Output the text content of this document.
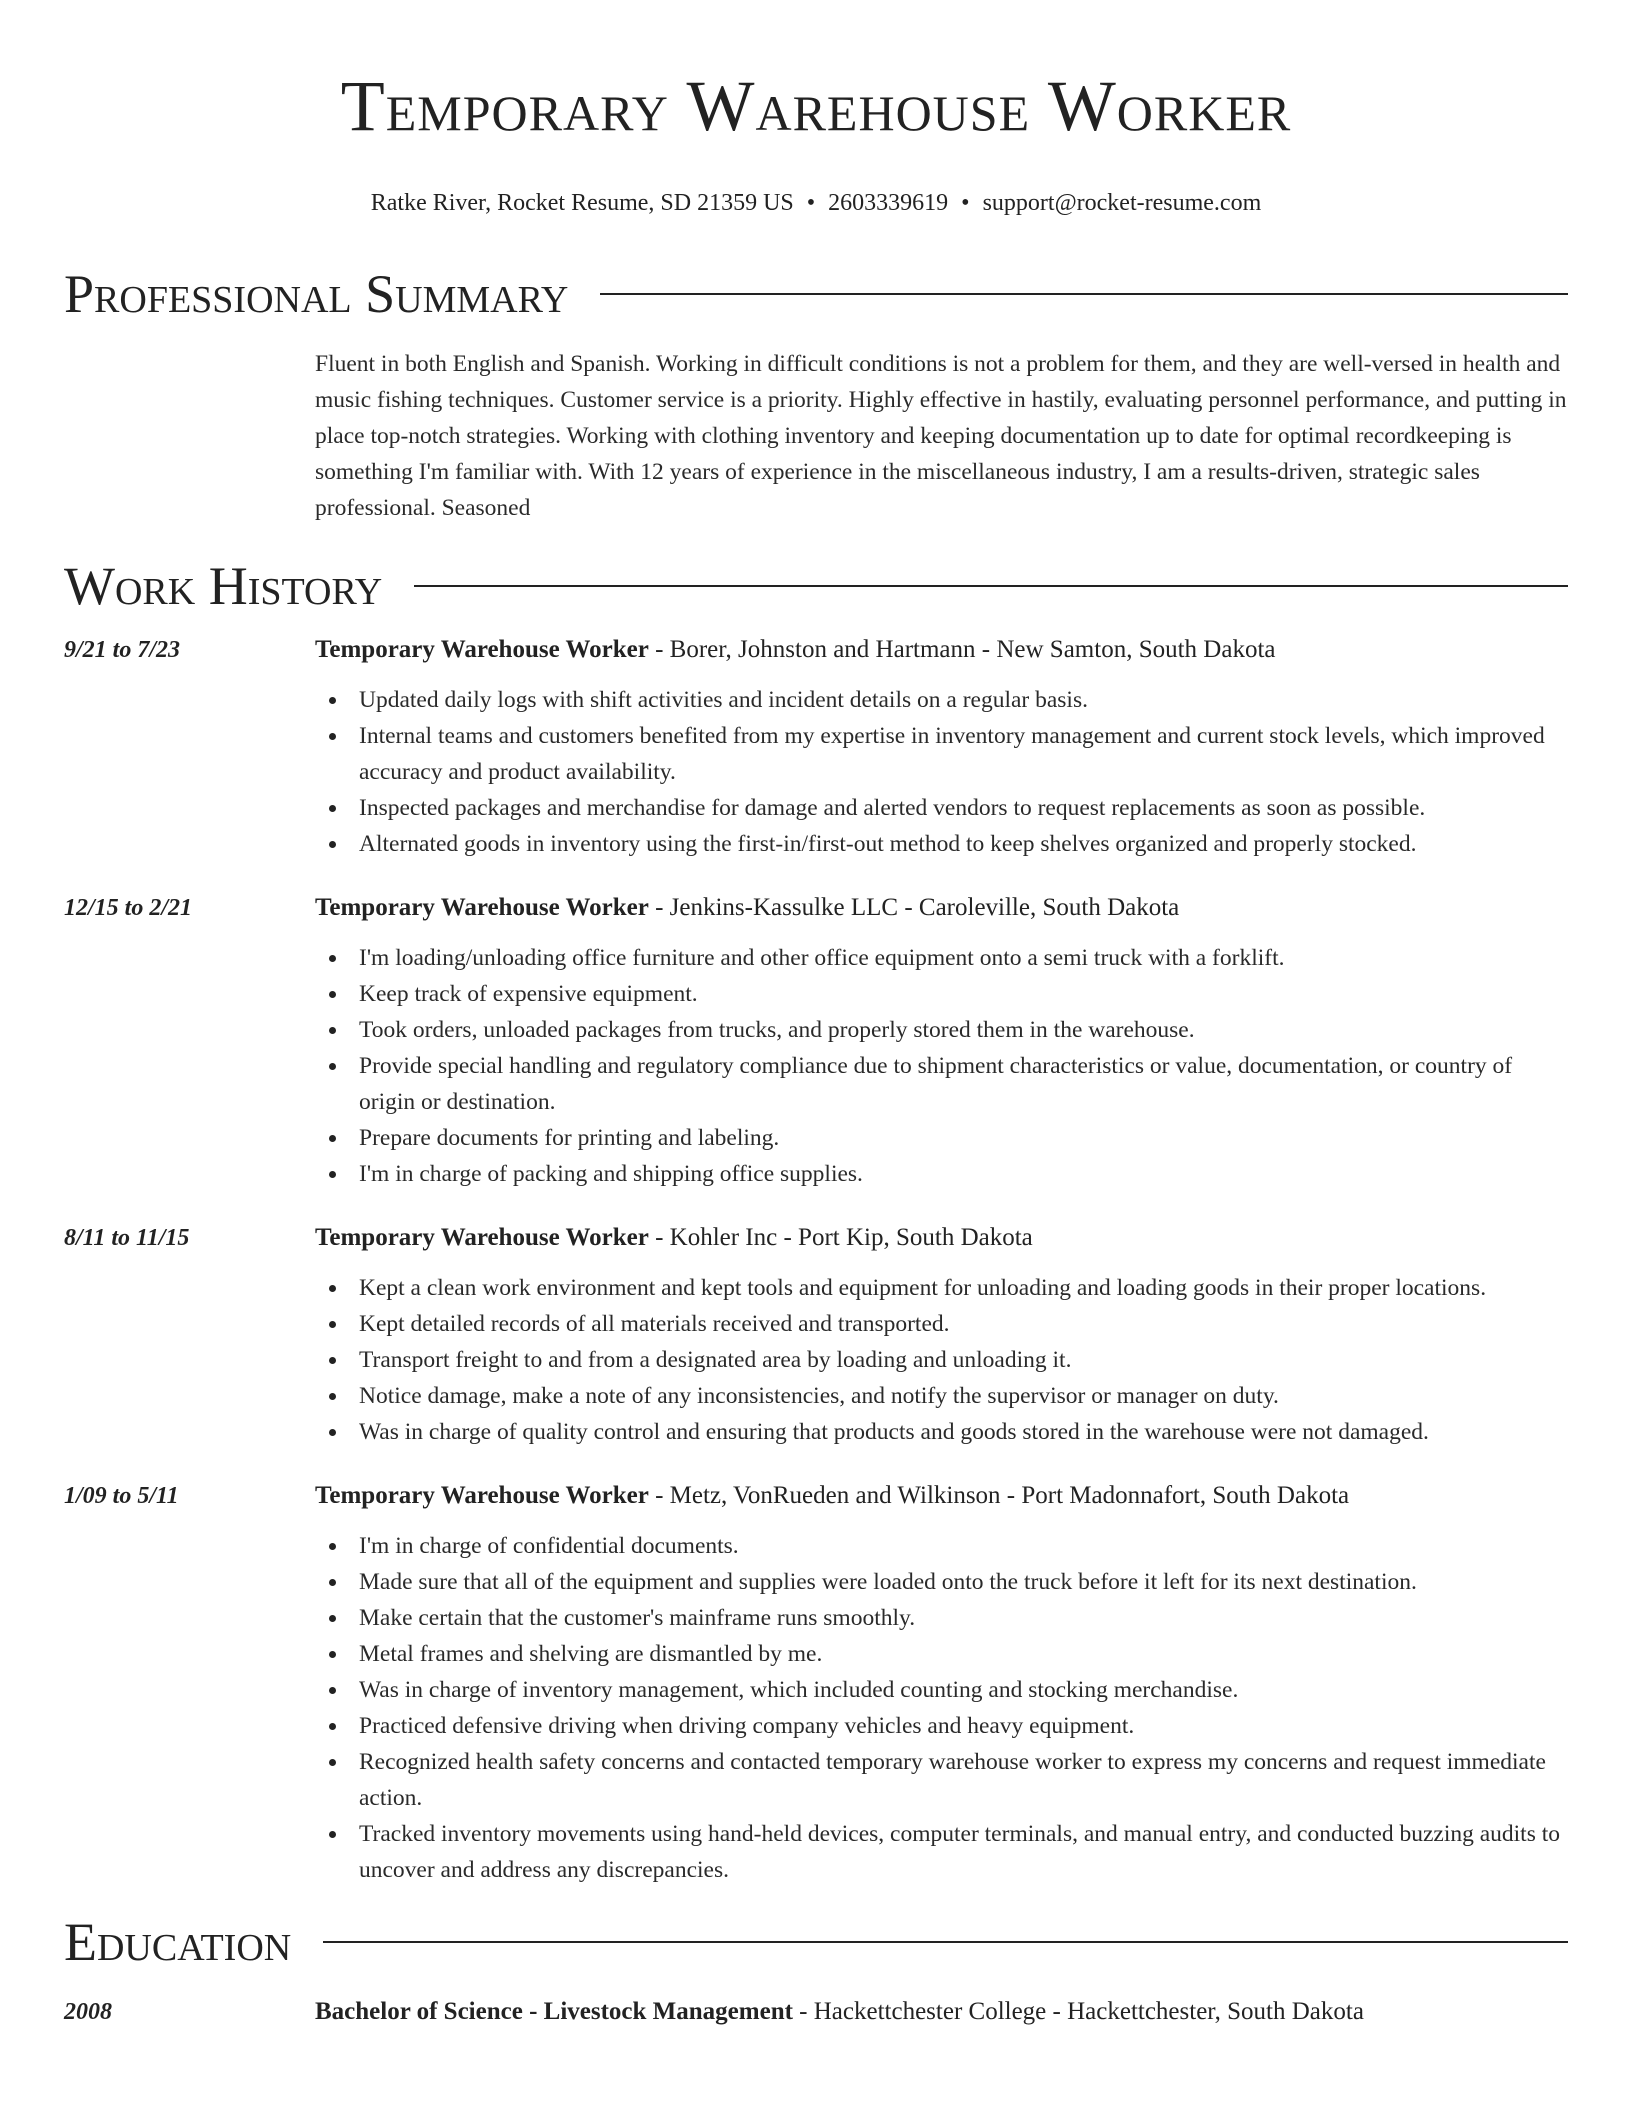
Temporary Warehouse Worker
Ratke River, Rocket Resume, SD 21359 US • 2603339619 • support@rocket-resume.com
Professional Summary
Fluent in both English and Spanish. Working in difficult conditions is not a problem for them, and they are well-versed in health and music fishing techniques. Customer service is a priority. Highly effective in hastily, evaluating personnel performance, and putting in place top-notch strategies. Working with clothing inventory and keeping documentation up to date for optimal recordkeeping is something I'm familiar with. With 12 years of experience in the miscellaneous industry, I am a results-driven, strategic sales professional. Seasoned
Work History
9/21 to 7/23	Temporary Warehouse Worker - Borer, Johnston and Hartmann - New Samton, South Dakota
Updated daily logs with shift activities and incident details on a regular basis.
Internal teams and customers benefited from my expertise in inventory management and current stock levels, which improved accuracy and product availability.
Inspected packages and merchandise for damage and alerted vendors to request replacements as soon as possible.
Alternated goods in inventory using the first-in/first-out method to keep shelves organized and properly stocked.
12/15 to 2/21	Temporary Warehouse Worker - Jenkins-Kassulke LLC - Caroleville, South Dakota
I'm loading/unloading office furniture and other office equipment onto a semi truck with a forklift.
Keep track of expensive equipment.
Took orders, unloaded packages from trucks, and properly stored them in the warehouse.
Provide special handling and regulatory compliance due to shipment characteristics or value, documentation, or country of origin or destination.
Prepare documents for printing and labeling.
I'm in charge of packing and shipping office supplies.
8/11 to 11/15	Temporary Warehouse Worker - Kohler Inc - Port Kip, South Dakota
Kept a clean work environment and kept tools and equipment for unloading and loading goods in their proper locations.
Kept detailed records of all materials received and transported.
Transport freight to and from a designated area by loading and unloading it.
Notice damage, make a note of any inconsistencies, and notify the supervisor or manager on duty.
Was in charge of quality control and ensuring that products and goods stored in the warehouse were not damaged.
1/09 to 5/11	Temporary Warehouse Worker - Metz, VonRueden and Wilkinson - Port Madonnafort, South Dakota
I'm in charge of confidential documents.
Made sure that all of the equipment and supplies were loaded onto the truck before it left for its next destination.
Make certain that the customer's mainframe runs smoothly.
Metal frames and shelving are dismantled by me.
Was in charge of inventory management, which included counting and stocking merchandise.
Practiced defensive driving when driving company vehicles and heavy equipment.
Recognized health safety concerns and contacted temporary warehouse worker to express my concerns and request immediate action.
Tracked inventory movements using hand-held devices, computer terminals, and manual entry, and conducted buzzing audits to uncover and address any discrepancies.
Education
2008	Bachelor of Science - Livestock Management - Hackettchester College - Hackettchester, South Dakota
